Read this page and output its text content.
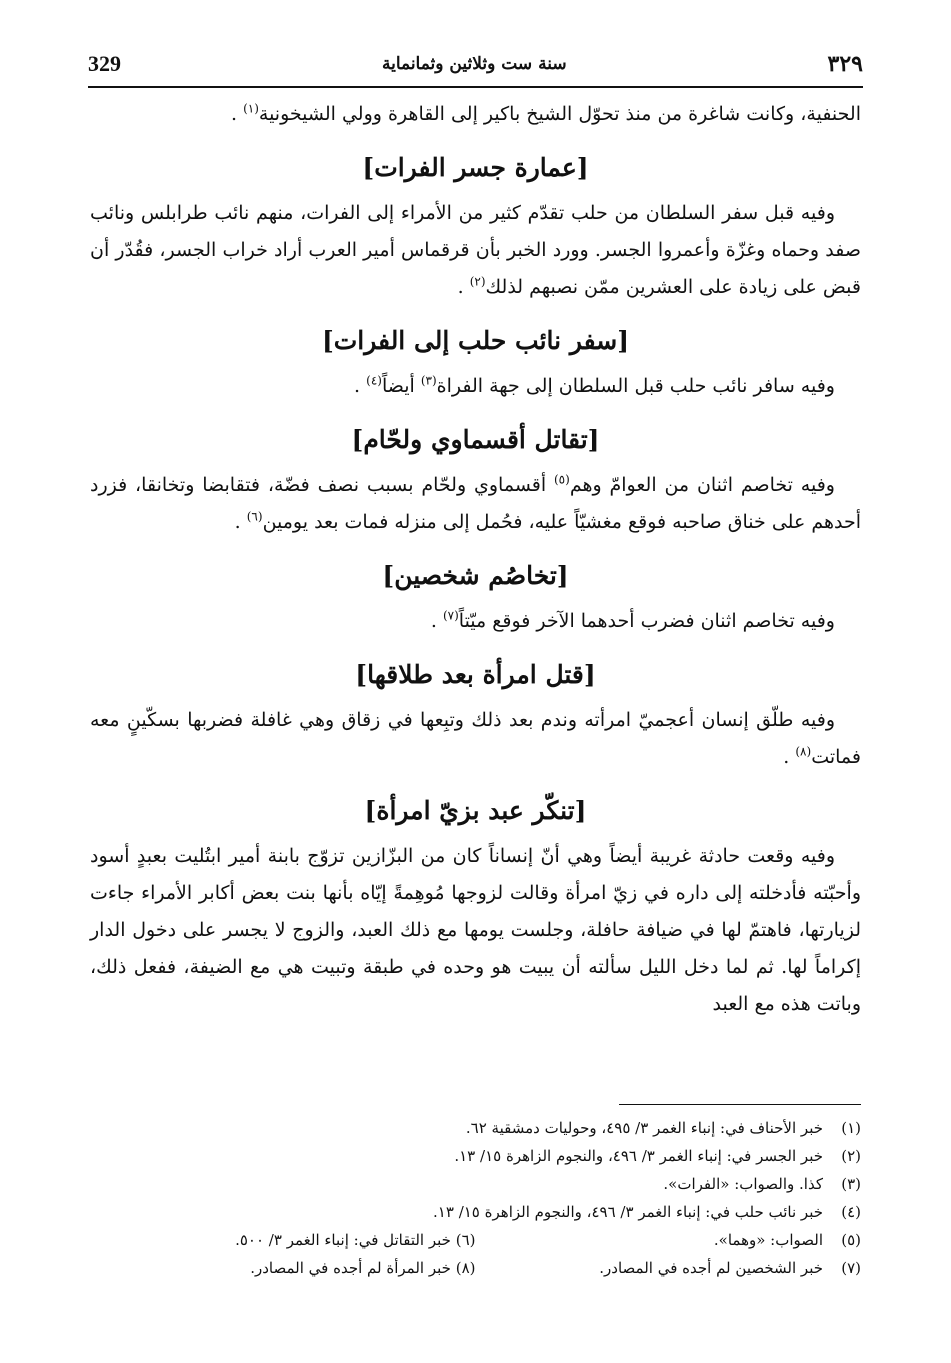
329	سنة ست وثلاثين وثمانماية	٣٢٩

الحنفية، وكانت شاغرة من منذ تحوّل الشيخ باكير إلى القاهرة وولي الشيخونية$^{(١)}$ .

[عمارة جسر الفرات]

وفيه قبل سفر السلطان من حلب تقدّم كثير من الأمراء إلى الفرات، منهم نائب طرابلس ونائب صفد وحماه وغزّة وأعمروا الجسر. وورد الخبر بأن قرقماس أمير العرب أراد خراب الجسر، فقُدّر أن قبض على زيادة على العشرين ممّن نصبهم لذلك$^{(٢)}$ .

[سفر نائب حلب إلى الفرات]

وفيه سافر نائب حلب قبل السلطان إلى جهة الفراة$^{(٣)}$ أيضاً$^{(٤)}$ .

[تقاتل أقسماوي ولحّام]

وفيه تخاصم اثنان من العوامّ وهم$^{(٥)}$ أقسماوي ولحّام بسبب نصف فضّة، فتقابضا وتخانقا، فزرد أحدهم على خناق صاحبه فوقع مغشيّاً عليه، فحُمل إلى منزله فمات بعد يومين$^{(٦)}$ .

[تخاصُم شخصين]

وفيه تخاصم اثنان فضرب أحدهما الآخر فوقع ميّتاً$^{(٧)}$ .

[قتل امرأة بعد طلاقها]

وفيه طلّق إنسان أعجميّ امرأته وندم بعد ذلك وتبِعها في زقاق وهي غافلة فضربها بسكّينٍ معه فماتت$^{(٨)}$ .

[تنكّر عبد بزيّ امرأة]

وفيه وقعت حادثة غريبة أيضاً وهي أنّ إنساناً كان من البزّازين تزوّج بابنة أمير ابتُليت بعبدٍ أسود وأحبّته فأدخلته إلى داره في زيّ امرأة وقالت لزوجها مُوهِمةً إيّاه بأنها بنت بعض أكابر الأمراء جاءت لزيارتها، فاهتمّ لها في ضيافة حافلة، وجلست يومها مع ذلك العبد، والزوج لا يجسر على دخول الدار إكراماً لها. ثم لما دخل الليل سألته أن يبيت هو وحده في طبقة وتبيت هي مع الضيفة، ففعل ذلك، وباتت هذه مع العبد

(١)خبر الأحناف في: إنباء الغمر ٣/ ٤٩٥، وحوليات دمشقية ٦٢.
(٢)خبر الجسر في: إنباء الغمر ٣/ ٤٩٦، والنجوم الزاهرة ١٥/ ١٣.
(٣)كذا. والصواب: «الفرات».
(٤)خبر نائب حلب في: إنباء الغمر ٣/ ٤٩٦، والنجوم الزاهرة ١٥/ ١٣.
(٥)الصواب: «وهما».
(٦) خبر التقاتل في: إنباء الغمر ٣/ ٥٠٠.
(٧)خبر الشخصين لم أجده في المصادر.
(٨) خبر المرأة لم أجده في المصادر.
